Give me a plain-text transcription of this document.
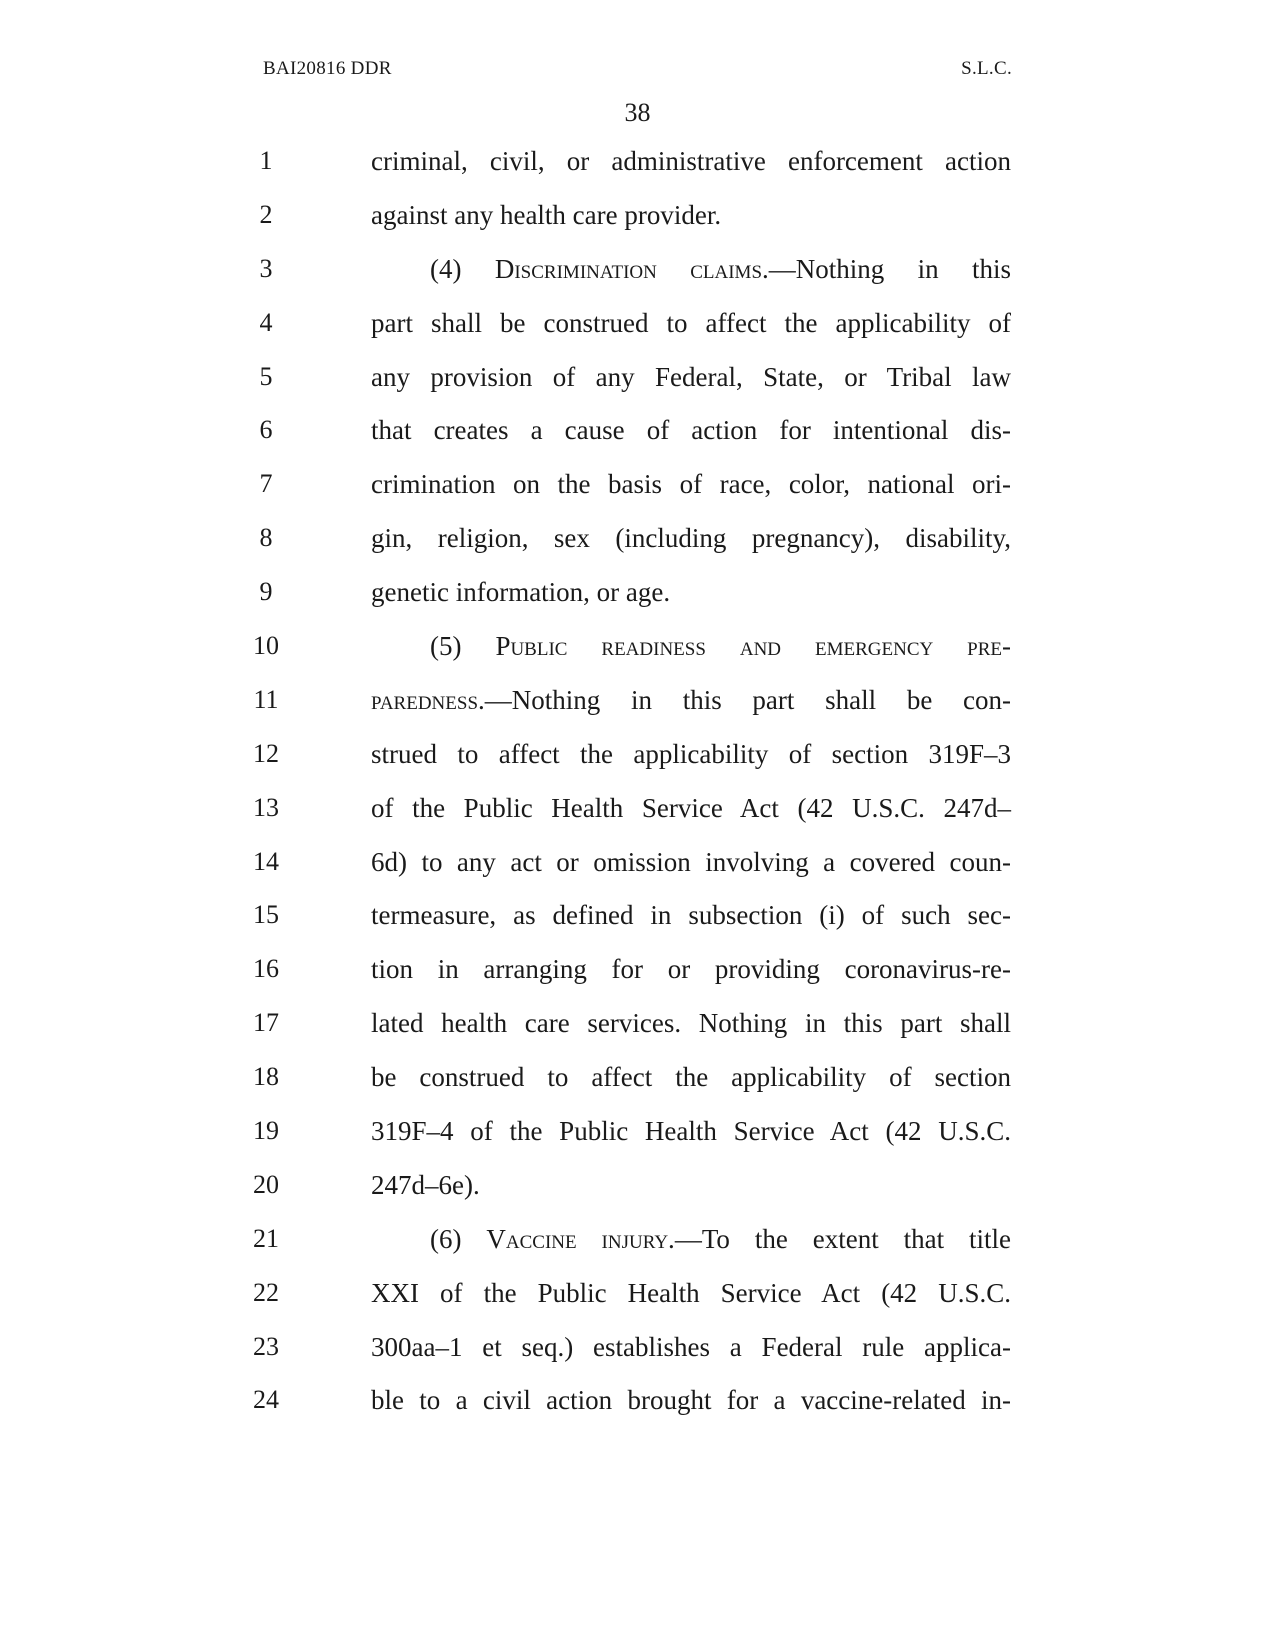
BAI20816 DDR	S.L.C.
38
1	criminal, civil, or administrative enforcement action
2	against any health care provider.
3	(4) Discrimination claims.—Nothing in this
4	part shall be construed to affect the applicability of
5	any provision of any Federal, State, or Tribal law
6	that creates a cause of action for intentional dis-
7	crimination on the basis of race, color, national ori-
8	gin, religion, sex (including pregnancy), disability,
9	genetic information, or age.
10	(5) Public readiness and emergency pre-
11	paredness.—Nothing in this part shall be con-
12	strued to affect the applicability of section 319F–3
13	of the Public Health Service Act (42 U.S.C. 247d–
14	6d) to any act or omission involving a covered coun-
15	termeasure, as defined in subsection (i) of such sec-
16	tion in arranging for or providing coronavirus-re-
17	lated health care services. Nothing in this part shall
18	be construed to affect the applicability of section
19	319F–4 of the Public Health Service Act (42 U.S.C.
20	247d–6e).
21	(6) Vaccine injury.—To the extent that title
22	XXI of the Public Health Service Act (42 U.S.C.
23	300aa–1 et seq.) establishes a Federal rule applica-
24	ble to a civil action brought for a vaccine-related in-
